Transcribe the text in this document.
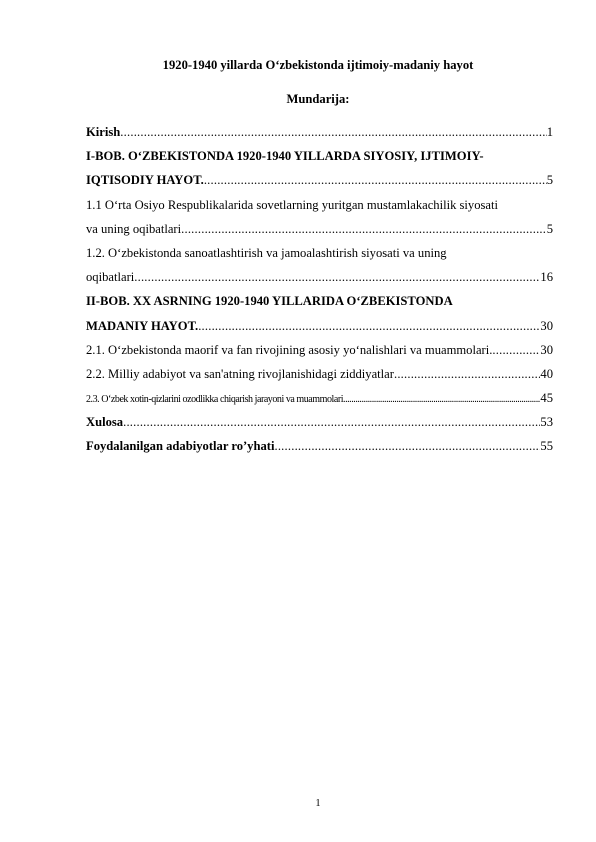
1920-1940 yillarda O‘zbekistonda ijtimoiy-madaniy hayot
Mundarija:
Kirish .....	1
I-BOB. O‘ZBEKISTONDA 1920-1940 YILLARDA SIYOSIY, IJTIMOIY-
IQTISODIY HAYOT. .....	5
1.1 O‘rta Osiyo Respublikalarida sovetlarning yuritgan mustamlakachilik siyosati
va uning oqibatlari .....	5
1.2. O‘zbekistonda sanoatlashtirish va jamoalashtirish siyosati va uning
oqibatlari .....	16
II-BOB. XX ASRNING 1920-1940 YILLARIDA O‘ZBEKISTONDA
MADANIY HAYOT. .....	30
2.1. O‘zbekistonda maorif va fan rivojining asosiy yo‘nalishlari va muammolari. .....	30
2.2. Milliy adabiyot va san'atning rivojlanishidagi ziddiyatlar .....	40
2.3. O‘zbek xotin-qizlarini ozodlikka chiqarish jarayoni va muammolari .....	45
Xulosa .....	53
Foydalanilgan adabiyotlar ro’yhati .....	55
1
